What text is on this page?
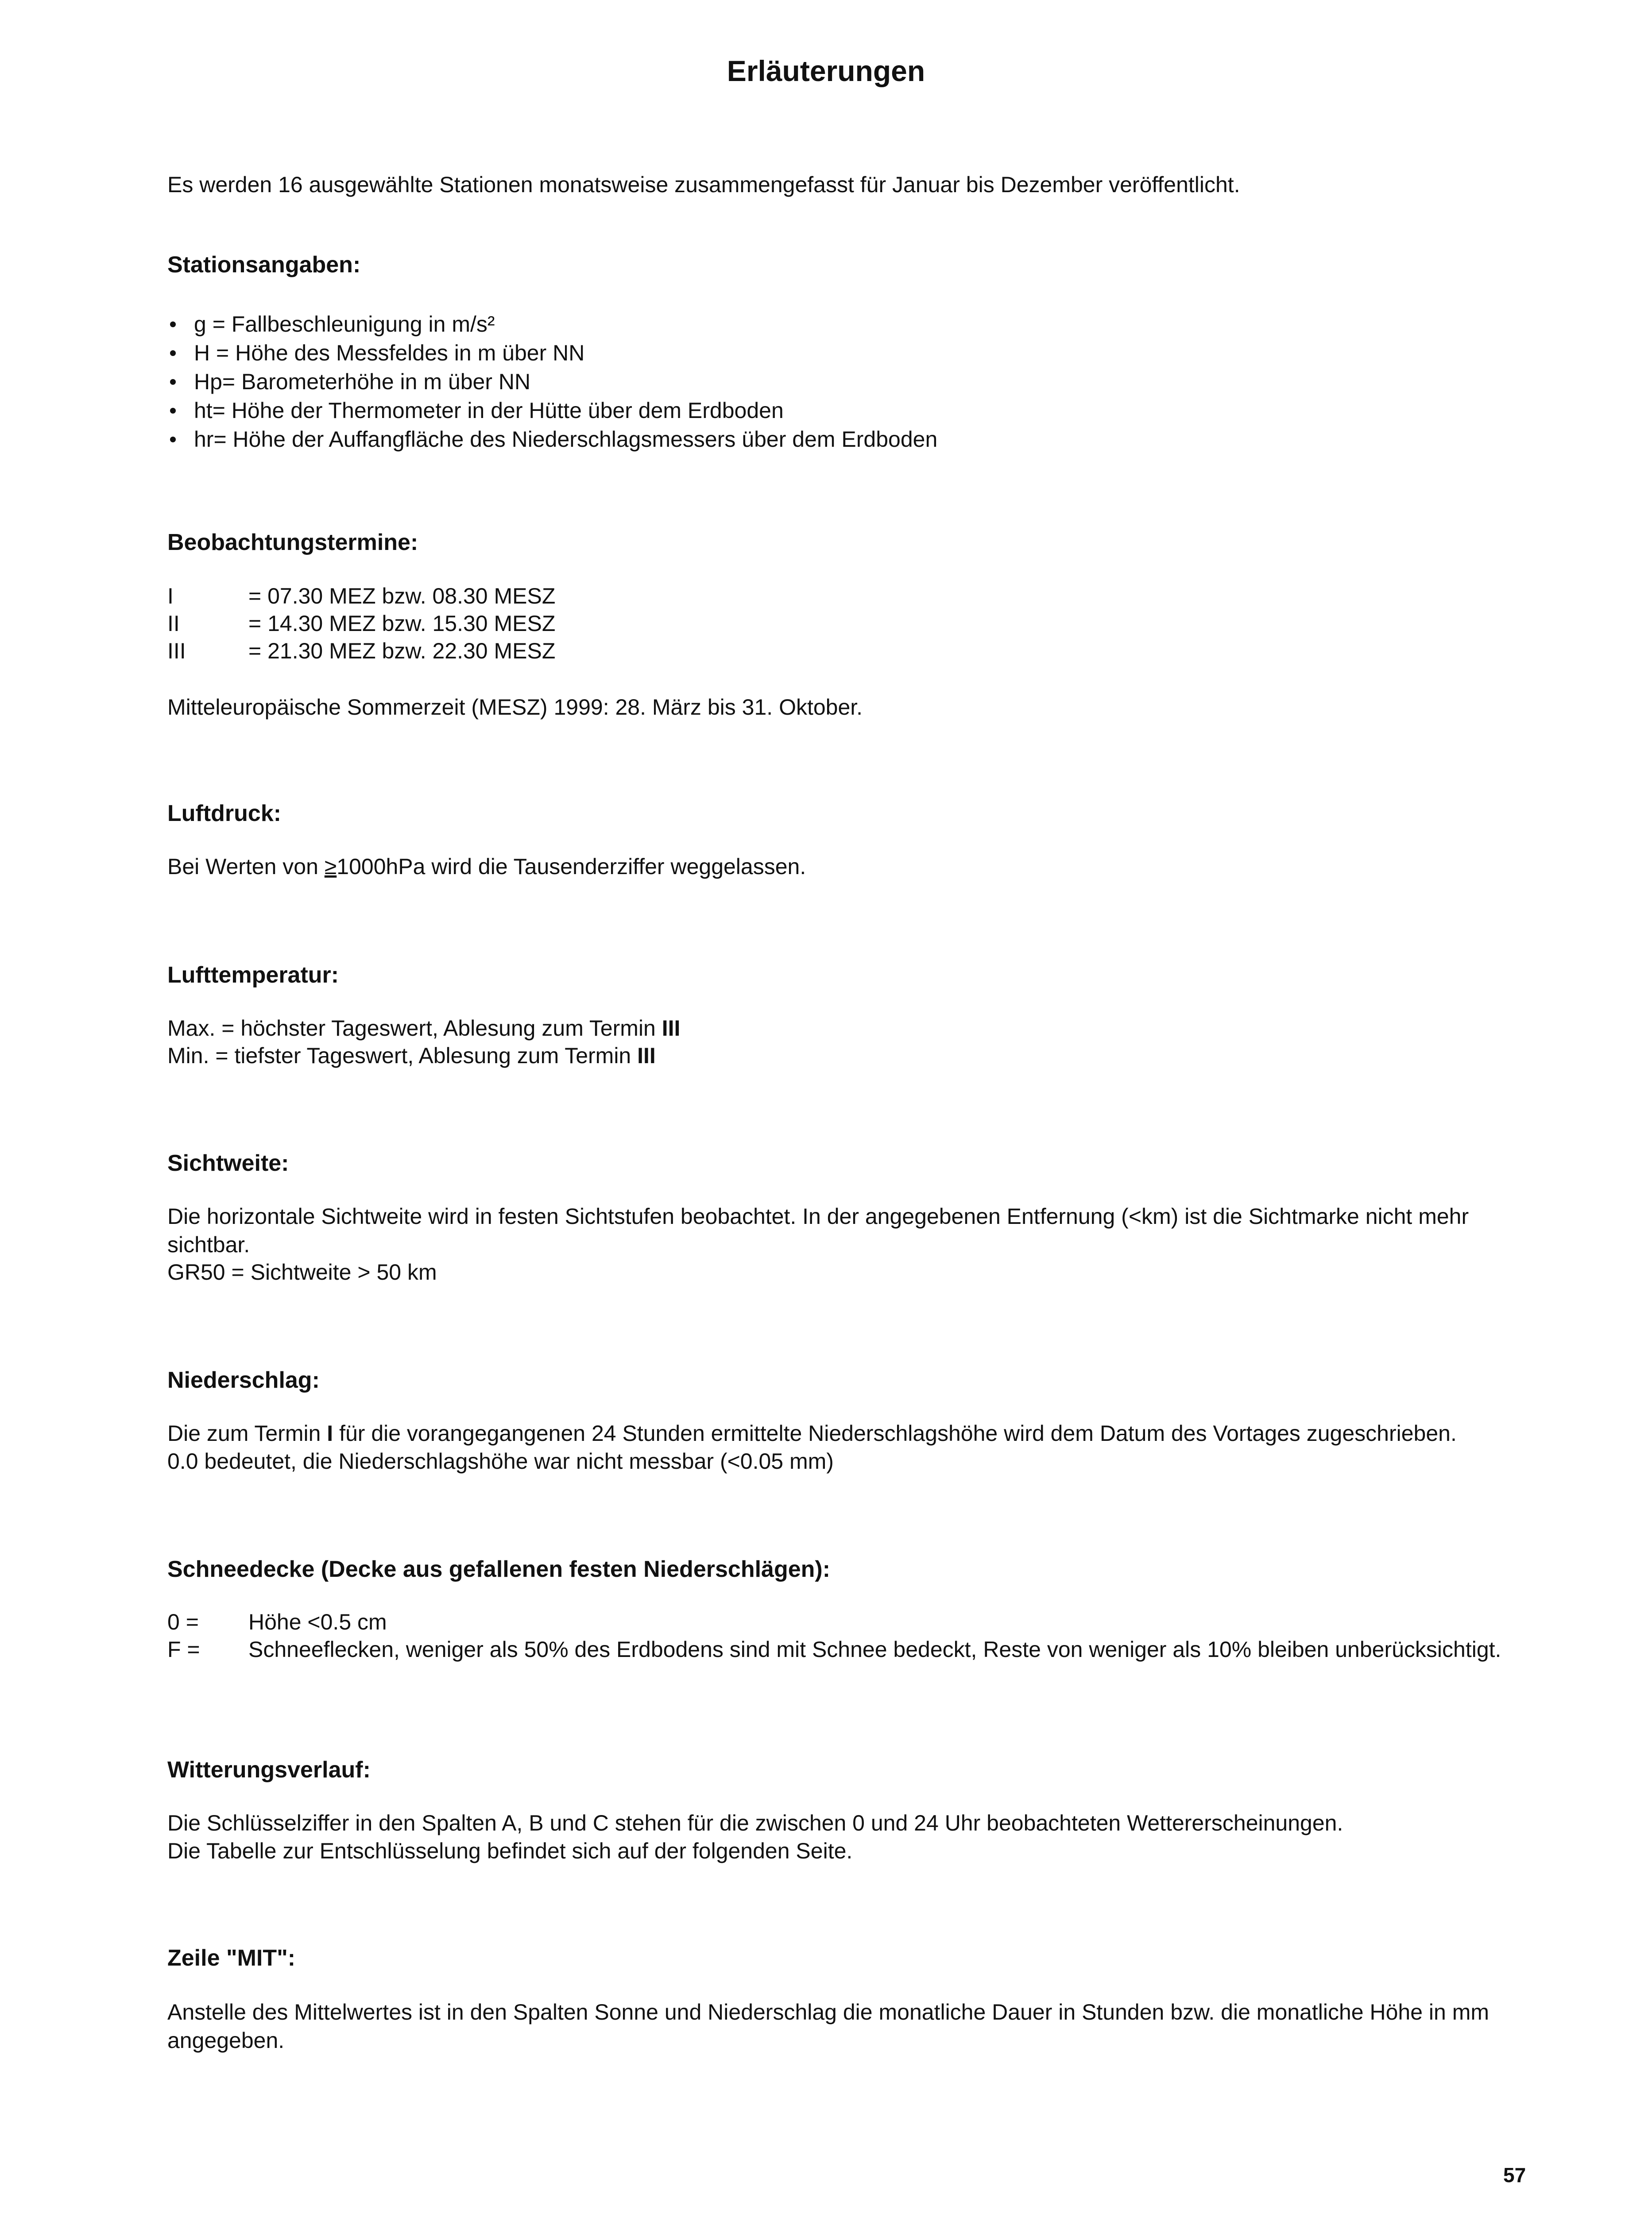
Erläuterungen
Es werden 16 ausgewählte Stationen monatsweise zusammengefasst für Januar bis Dezember veröffentlicht.
Stationsangaben:
g = Fallbeschleunigung in m/s²
H = Höhe des Messfeldes in m über NN
Hp= Barometerhöhe in m über NN
ht= Höhe der Thermometer in der Hütte über dem Erdboden
hr= Höhe der Auffangfläche des Niederschlagsmessers über dem Erdboden
Beobachtungstermine:
I	= 07.30 MEZ bzw. 08.30 MESZ
II	= 14.30 MEZ bzw. 15.30 MESZ
III	= 21.30 MEZ bzw. 22.30 MESZ
Mitteleuropäische Sommerzeit (MESZ) 1999: 28. März bis 31. Oktober.
Luftdruck:
Bei Werten von ≥1000hPa wird die Tausenderziffer weggelassen.
Lufttemperatur:
Max. = höchster Tageswert, Ablesung zum Termin III
Min. = tiefster Tageswert, Ablesung zum Termin III
Sichtweite:
Die horizontale Sichtweite wird in festen Sichtstufen beobachtet. In der angegebenen Entfernung (<km) ist die Sichtmarke nicht mehr sichtbar.
GR50 = Sichtweite > 50 km
Niederschlag:
Die zum Termin I für die vorangegangenen 24 Stunden ermittelte Niederschlagshöhe wird dem Datum des Vortages zugeschrieben.
0.0 bedeutet, die Niederschlagshöhe war nicht messbar (<0.05 mm)
Schneedecke (Decke aus gefallenen festen Niederschlägen):
0 =	Höhe <0.5 cm
F =	Schneeflecken, weniger als 50% des Erdbodens sind mit Schnee bedeckt, Reste von weniger als 10% bleiben unberücksichtigt.
Witterungsverlauf:
Die Schlüsselziffer in den Spalten A, B und C stehen für die zwischen 0 und 24 Uhr beobachteten Wettererscheinungen.
Die Tabelle zur Entschlüsselung befindet sich auf der folgenden Seite.
Zeile "MIT":
Anstelle des Mittelwertes ist in den Spalten Sonne und Niederschlag die monatliche Dauer in Stunden bzw. die monatliche Höhe in mm angegeben.
57
